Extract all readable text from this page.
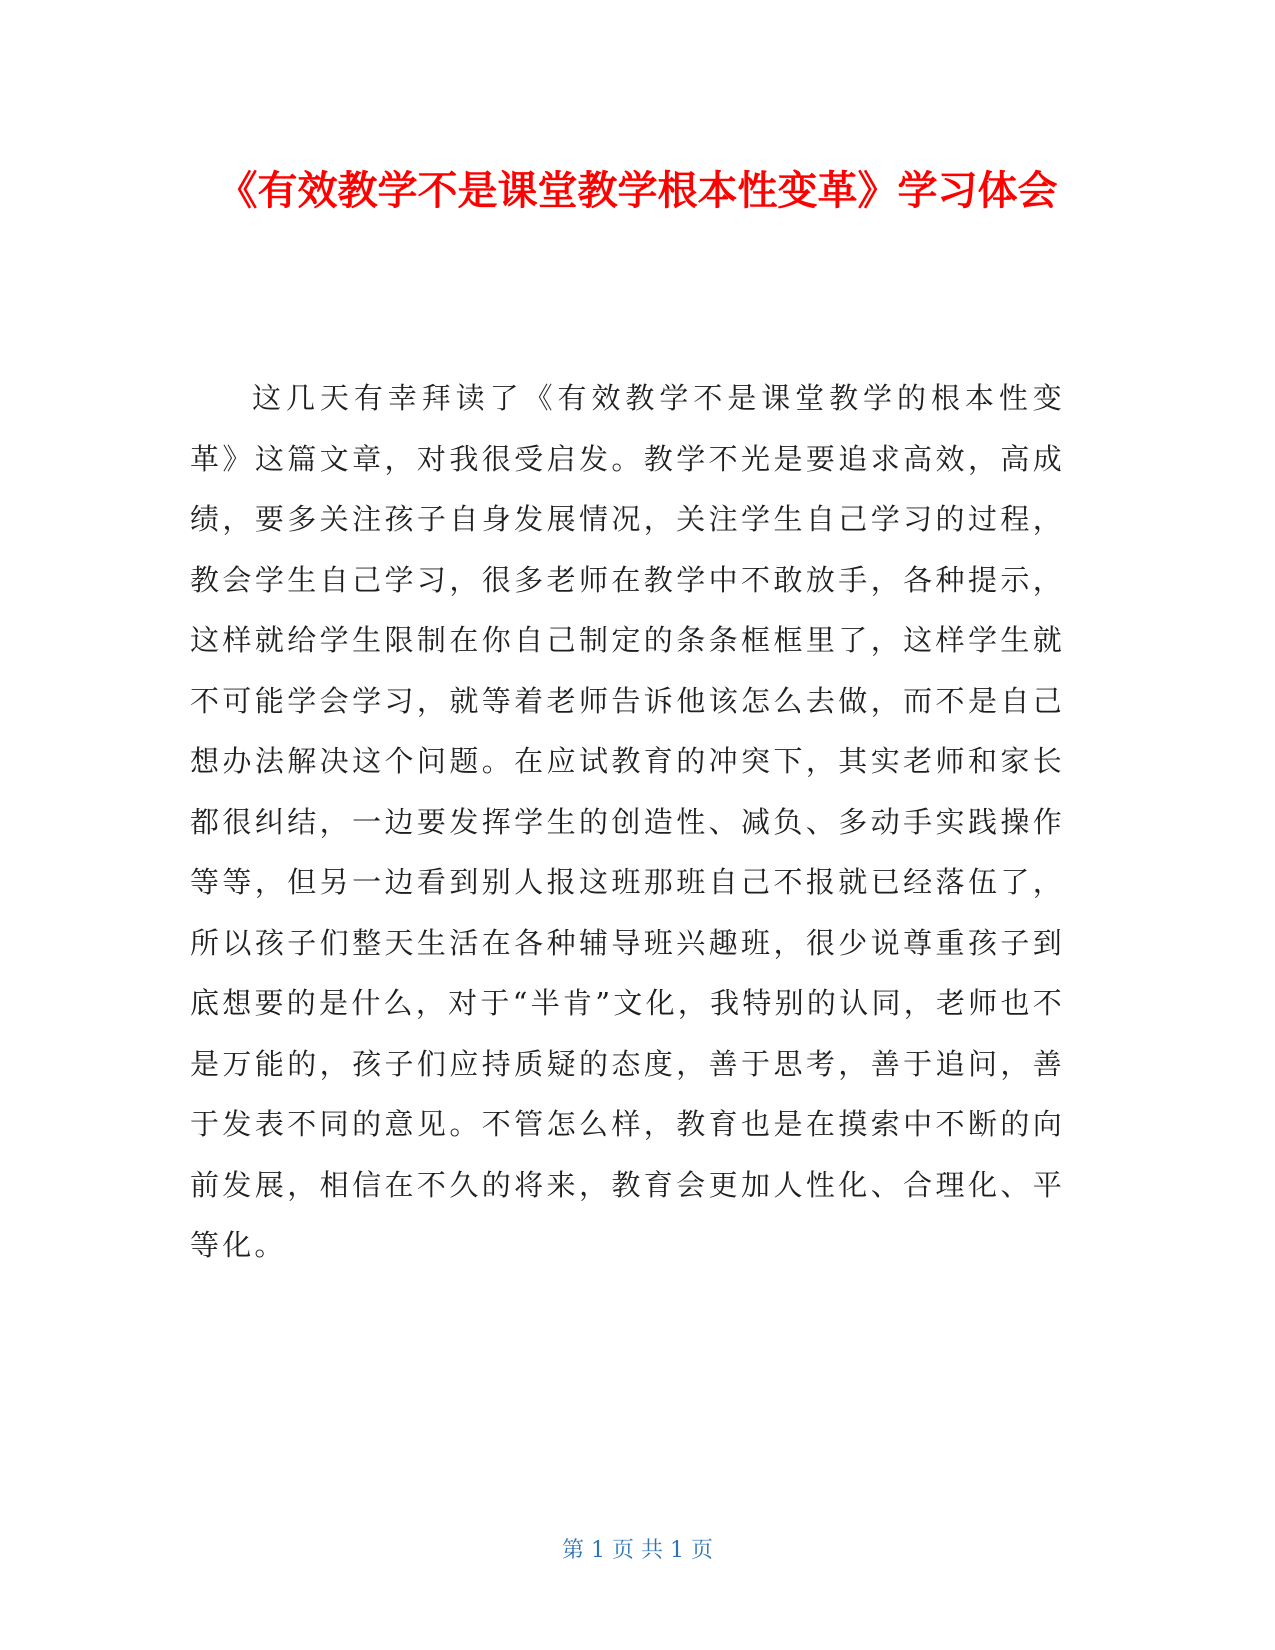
《有效教学不是课堂教学根本性变革》学习体会

这几天有幸拜读了《有效教学不是课堂教学的根本性变革》这篇文章，对我很受启发。教学不光是要追求高效，高成绩，要多关注孩子自身发展情况，关注学生自己学习的过程，教会学生自己学习，很多老师在教学中不敢放手，各种提示，这样就给学生限制在你自己制定的条条框框里了，这样学生就不可能学会学习，就等着老师告诉他该怎么去做，而不是自己想办法解决这个问题。在应试教育的冲突下，其实老师和家长都很纠结，一边要发挥学生的创造性、减负、多动手实践操作等等，但另一边看到别人报这班那班自己不报就已经落伍了，所以孩子们整天生活在各种辅导班兴趣班，很少说尊重孩子到底想要的是什么，对于“半肯”文化，我特别的认同，老师也不是万能的，孩子们应持质疑的态度，善于思考，善于追问，善于发表不同的意见。不管怎么样，教育也是在摸索中不断的向前发展，相信在不久的将来，教育会更加人性化、合理化、平等化。

第 1 页 共 1 页
